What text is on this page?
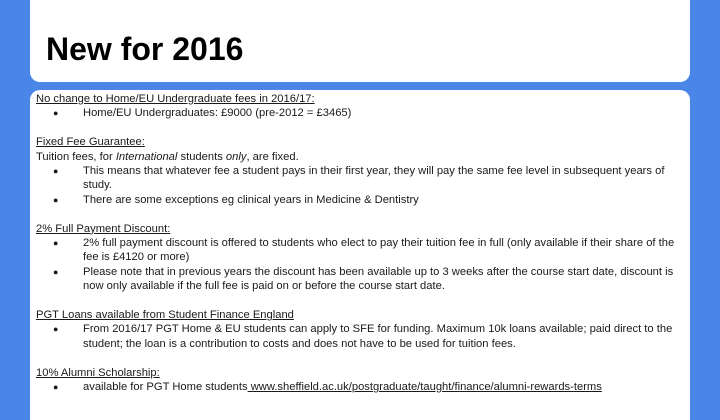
New for 2016
No change to Home/EU Undergraduate fees in 2016/17:
● Home/EU Undergraduates: £9000 (pre-2012 = £3465)
Fixed Fee Guarantee:
Tuition fees, for International students only, are fixed.
● This means that whatever fee a student pays in their first year, they will pay the same fee level in subsequent years of study.
● There are some exceptions eg clinical years in Medicine & Dentistry
2% Full Payment Discount:
● 2% full payment discount is offered to students who elect to pay their tuition fee in full (only available if their share of the fee is £4120 or more)
● Please note that in previous years the discount has been available up to 3 weeks after the course start date, discount is now only available if the full fee is paid on or before the course start date.
PGT Loans available from Student Finance England
● From 2016/17 PGT Home & EU students can apply to SFE for funding. Maximum 10k loans available; paid direct to the student; the loan is a contribution to costs and does not have to be used for tuition fees.
10% Alumni Scholarship:
● available for PGT Home students www.sheffield.ac.uk/postgraduate/taught/finance/alumni-rewards-terms
